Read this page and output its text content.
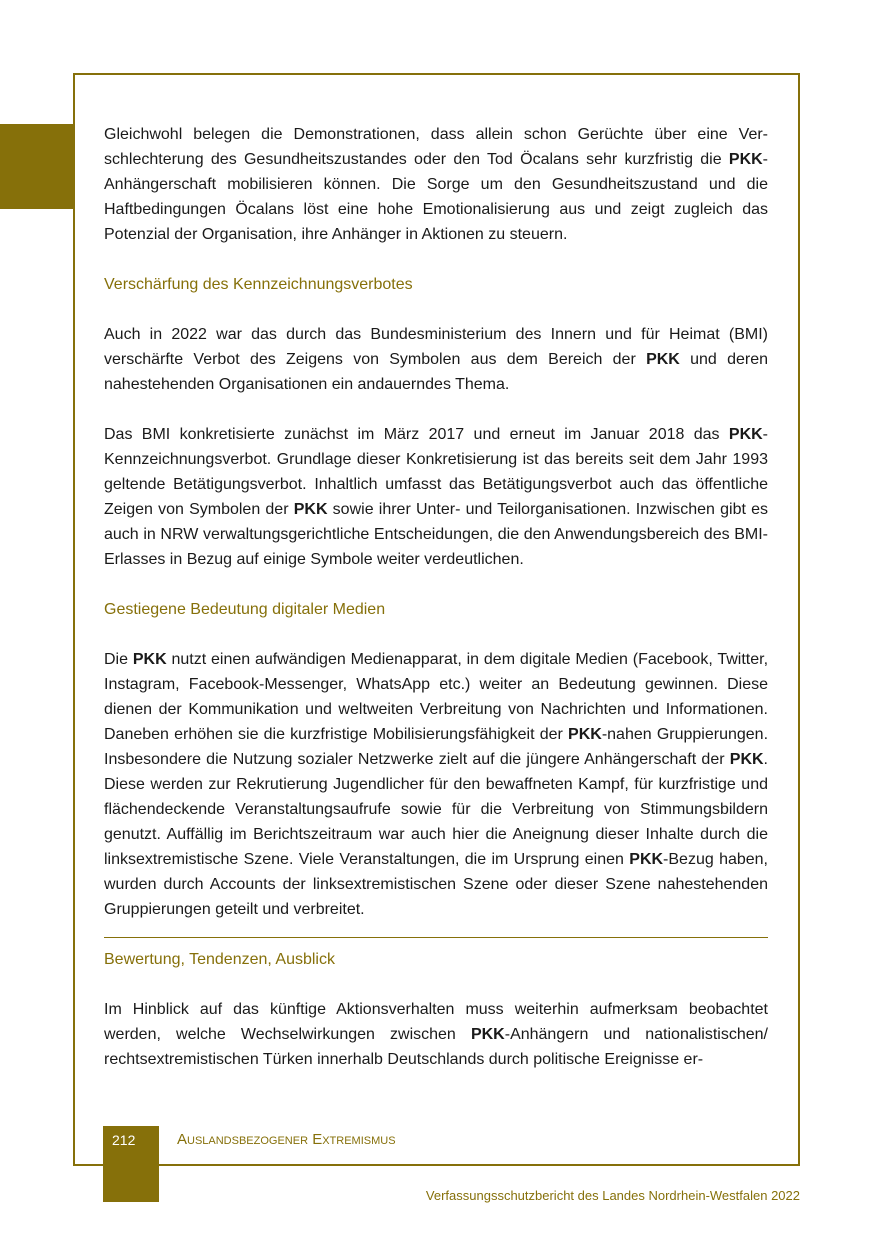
Gleichwohl belegen die Demonstrationen, dass allein schon Gerüchte über eine Verschlechterung des Gesundheitszustandes oder den Tod Öcalans sehr kurzfristig die PKK-Anhängerschaft mobilisieren können. Die Sorge um den Gesundheitszustand und die Haftbedingungen Öcalans löst eine hohe Emotionalisierung aus und zeigt zugleich das Potenzial der Organisation, ihre Anhänger in Aktionen zu steuern.

Verschärfung des Kennzeichnungsverbotes

Auch in 2022 war das durch das Bundesministerium des Innern und für Heimat (BMI) verschärfte Verbot des Zeigens von Symbolen aus dem Bereich der PKK und deren nahestehenden Organisationen ein andauerndes Thema.

Das BMI konkretisierte zunächst im März 2017 und erneut im Januar 2018 das PKK-Kennzeichnungsverbot. Grundlage dieser Konkretisierung ist das bereits seit dem Jahr 1993 geltende Betätigungsverbot. Inhaltlich umfasst das Betätigungsverbot auch das öffentliche Zeigen von Symbolen der PKK sowie ihrer Unter- und Teilorganisationen. Inzwischen gibt es auch in NRW verwaltungsgerichtliche Entscheidungen, die den Anwendungsbereich des BMI-Erlasses in Bezug auf einige Symbole weiter verdeutlichen.

Gestiegene Bedeutung digitaler Medien

Die PKK nutzt einen aufwändigen Medienapparat, in dem digitale Medien (Facebook, Twitter, Instagram, Facebook-Messenger, WhatsApp etc.) weiter an Bedeutung gewinnen. Diese dienen der Kommunikation und weltweiten Verbreitung von Nachrichten und Informationen. Daneben erhöhen sie die kurzfristige Mobilisierungsfähigkeit der PKK-nahen Gruppierungen. Insbesondere die Nutzung sozialer Netzwerke zielt auf die jüngere Anhängerschaft der PKK. Diese werden zur Rekrutierung Jugendlicher für den bewaffneten Kampf, für kurzfristige und flächendeckende Veranstaltungsaufrufe sowie für die Verbreitung von Stimmungsbildern genutzt. Auffällig im Berichtszeitraum war auch hier die Aneignung dieser Inhalte durch die linksextremistische Szene. Viele Veranstaltungen, die im Ursprung einen PKK-Bezug haben, wurden durch Accounts der linksextremistischen Szene oder dieser Szene nahestehenden Gruppierungen geteilt und verbreitet.

Bewertung, Tendenzen, Ausblick

Im Hinblick auf das künftige Aktionsverhalten muss weiterhin aufmerksam beobachtet werden, welche Wechselwirkungen zwischen PKK-Anhängern und nationalistischen/ rechtsextremistischen Türken innerhalb Deutschlands durch politische Ereignisse er-

212	Auslandsbezogener Extremismus
Verfassungsschutzbericht des Landes Nordrhein-Westfalen 2022
